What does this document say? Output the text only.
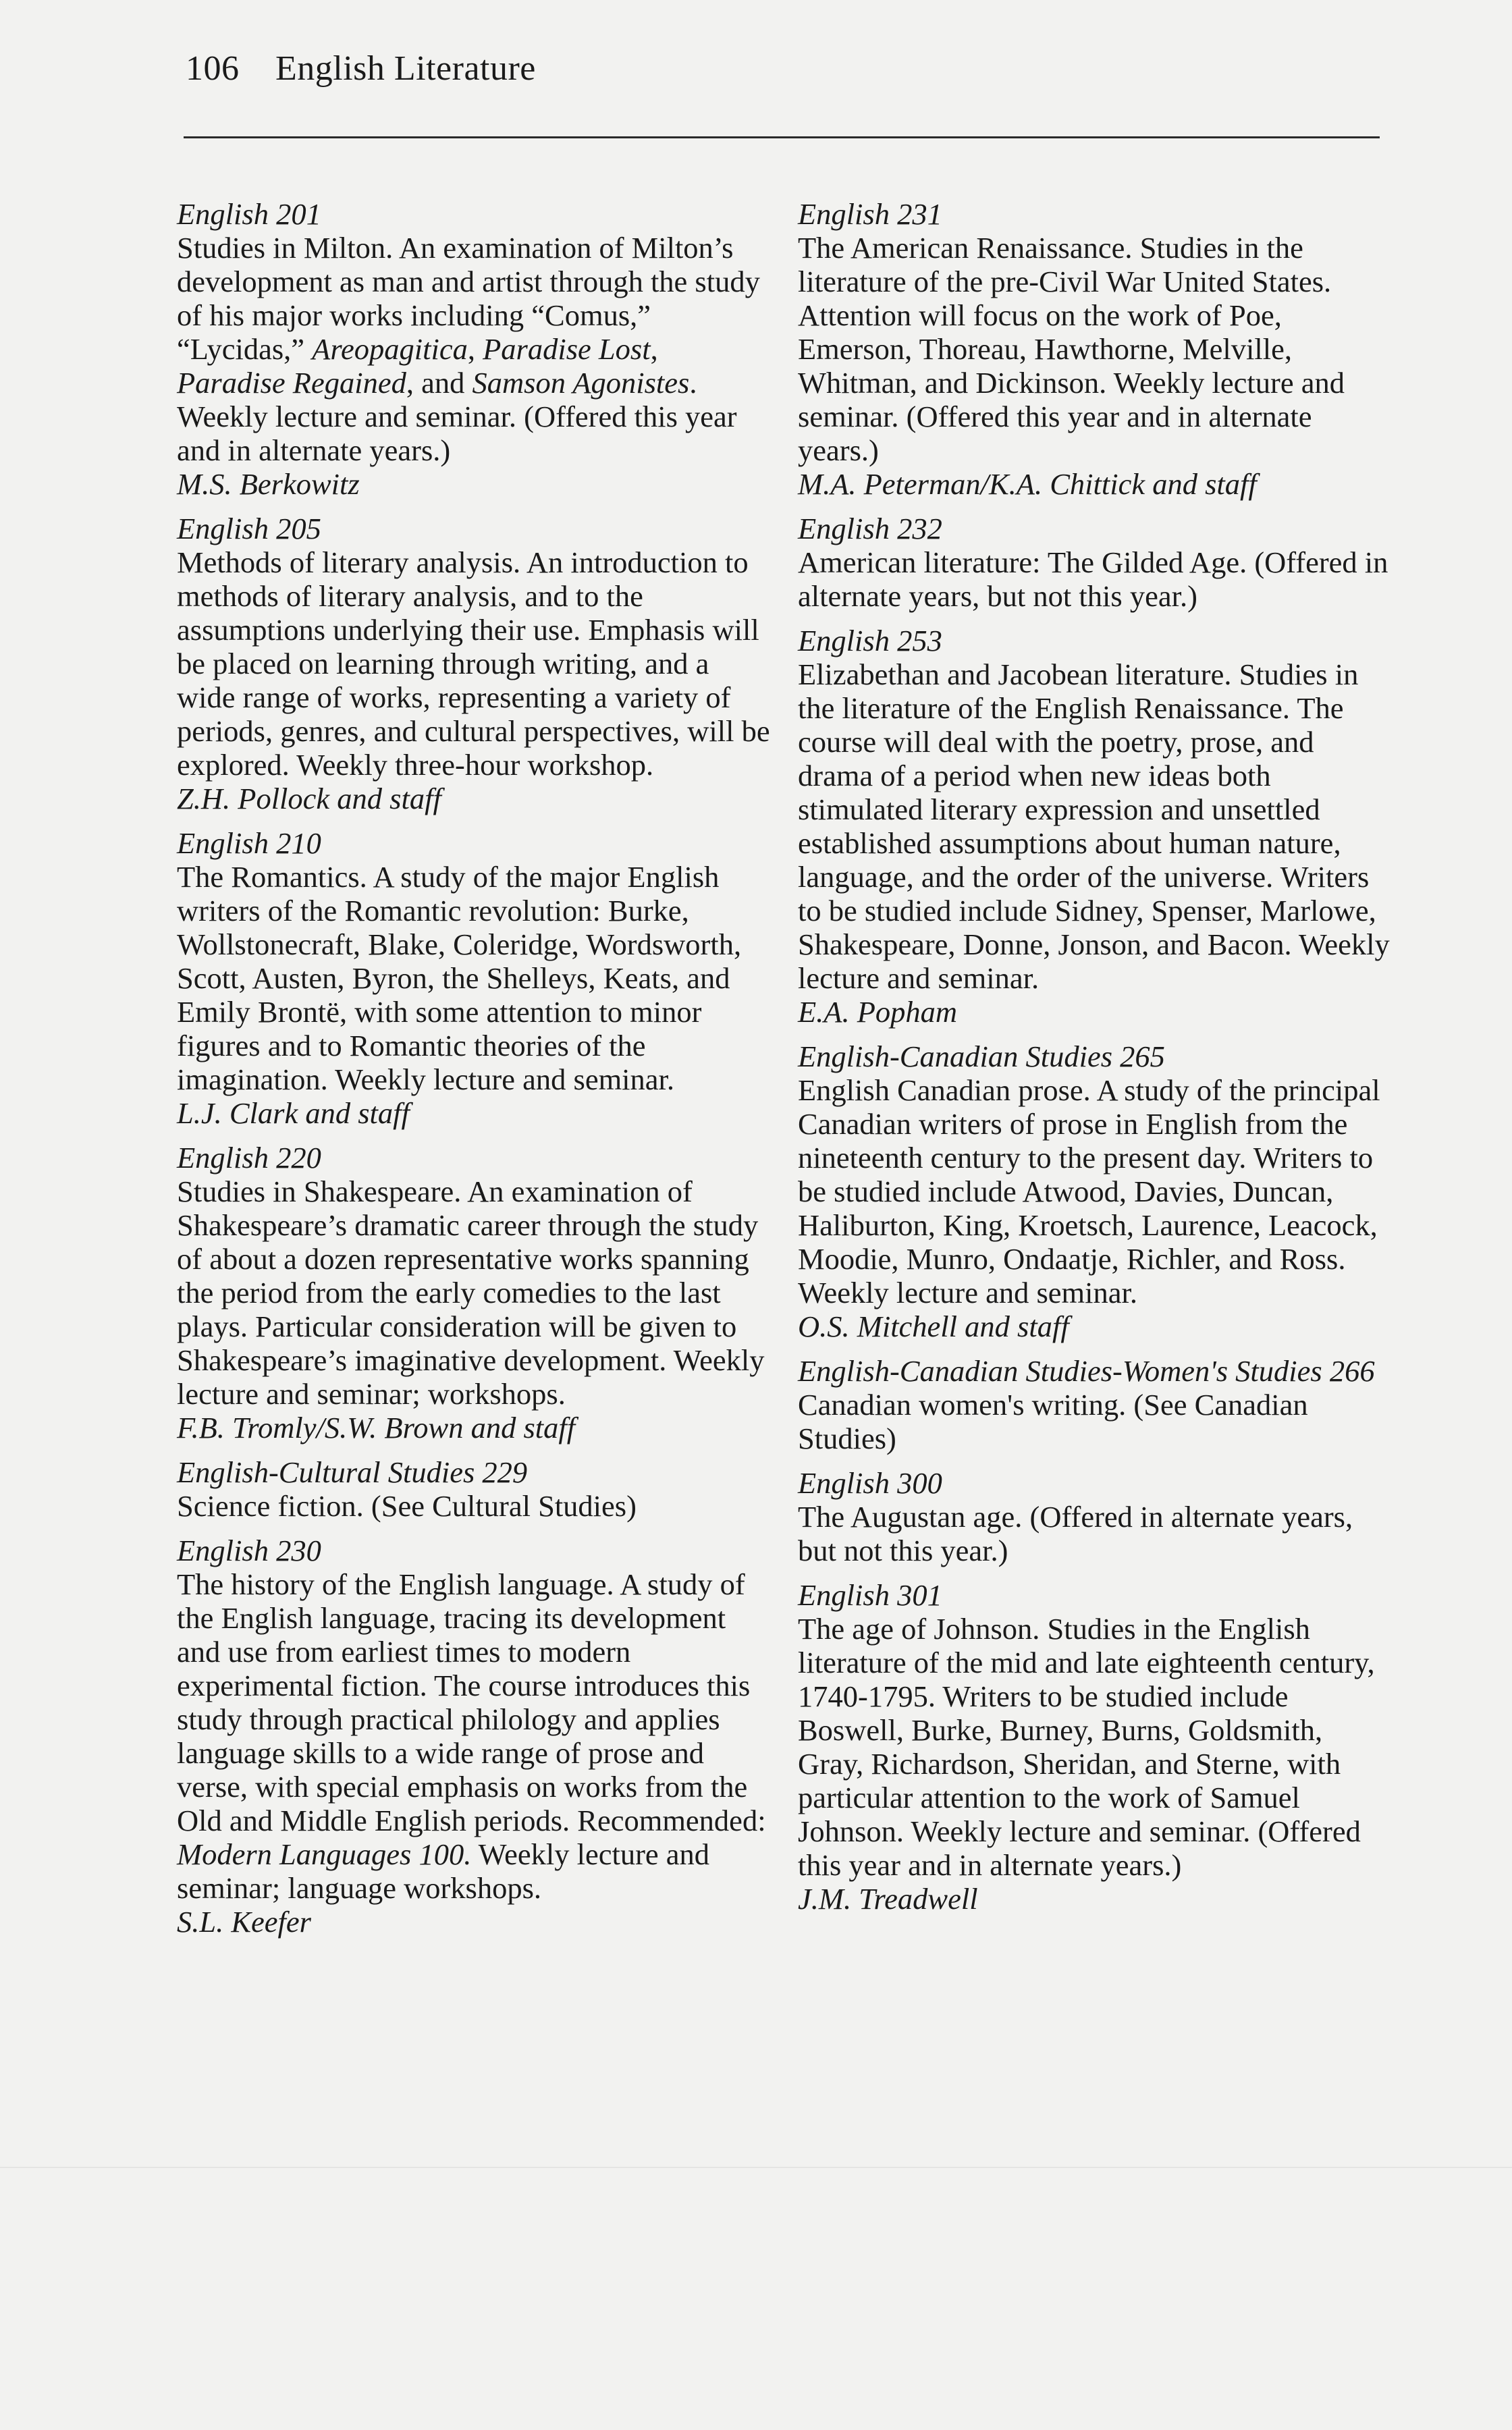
106 English Literature
English 201
Studies in Milton. An examination of Milton’s development as man and artist through the study of his major works including “Comus,” “Lycidas,” Areopagitica, Paradise Lost, Paradise Regained, and Samson Agonistes. Weekly lecture and seminar. (Offered this year and in alternate years.)
M.S. Berkowitz
English 205
Methods of literary analysis. An introduction to methods of literary analysis, and to the assumptions underlying their use. Emphasis will be placed on learning through writing, and a wide range of works, representing a variety of periods, genres, and cultural perspectives, will be explored. Weekly three-hour workshop.
Z.H. Pollock and staff
English 210
The Romantics. A study of the major English writers of the Romantic revolution: Burke, Wollstonecraft, Blake, Coleridge, Wordsworth, Scott, Austen, Byron, the Shelleys, Keats, and Emily Brontë, with some attention to minor figures and to Romantic theories of the imagination. Weekly lecture and seminar.
L.J. Clark and staff
English 220
Studies in Shakespeare. An examination of Shakespeare’s dramatic career through the study of about a dozen representative works spanning the period from the early comedies to the last plays. Particular consideration will be given to Shakespeare’s imaginative development. Weekly lecture and seminar; workshops.
F.B. Tromly/S.W. Brown and staff
English-Cultural Studies 229
Science fiction. (See Cultural Studies)
English 230
The history of the English language. A study of the English language, tracing its development and use from earliest times to modern experimental fiction. The course introduces this study through practical philology and applies language skills to a wide range of prose and verse, with special emphasis on works from the Old and Middle English periods. Recommended: Modern Languages 100. Weekly lecture and seminar; language workshops.
S.L. Keefer
English 231
The American Renaissance. Studies in the literature of the pre-Civil War United States. Attention will focus on the work of Poe, Emerson, Thoreau, Hawthorne, Melville, Whitman, and Dickinson. Weekly lecture and seminar. (Offered this year and in alternate years.)
M.A. Peterman/K.A. Chittick and staff
English 232
American literature: The Gilded Age. (Offered in alternate years, but not this year.)
English 253
Elizabethan and Jacobean literature. Studies in the literature of the English Renaissance. The course will deal with the poetry, prose, and drama of a period when new ideas both stimulated literary expression and unsettled established assumptions about human nature, language, and the order of the universe. Writers to be studied include Sidney, Spenser, Marlowe, Shakespeare, Donne, Jonson, and Bacon. Weekly lecture and seminar.
E.A. Popham
English-Canadian Studies 265
English Canadian prose. A study of the principal Canadian writers of prose in English from the nineteenth century to the present day. Writers to be studied include Atwood, Davies, Duncan, Haliburton, King, Kroetsch, Laurence, Leacock, Moodie, Munro, Ondaatje, Richler, and Ross. Weekly lecture and seminar.
O.S. Mitchell and staff
English-Canadian Studies-Women's Studies 266
Canadian women's writing. (See Canadian Studies)
English 300
The Augustan age. (Offered in alternate years, but not this year.)
English 301
The age of Johnson. Studies in the English literature of the mid and late eighteenth century, 1740-1795. Writers to be studied include Boswell, Burke, Burney, Burns, Goldsmith, Gray, Richardson, Sheridan, and Sterne, with particular attention to the work of Samuel Johnson. Weekly lecture and seminar. (Offered this year and in alternate years.)
J.M. Treadwell
